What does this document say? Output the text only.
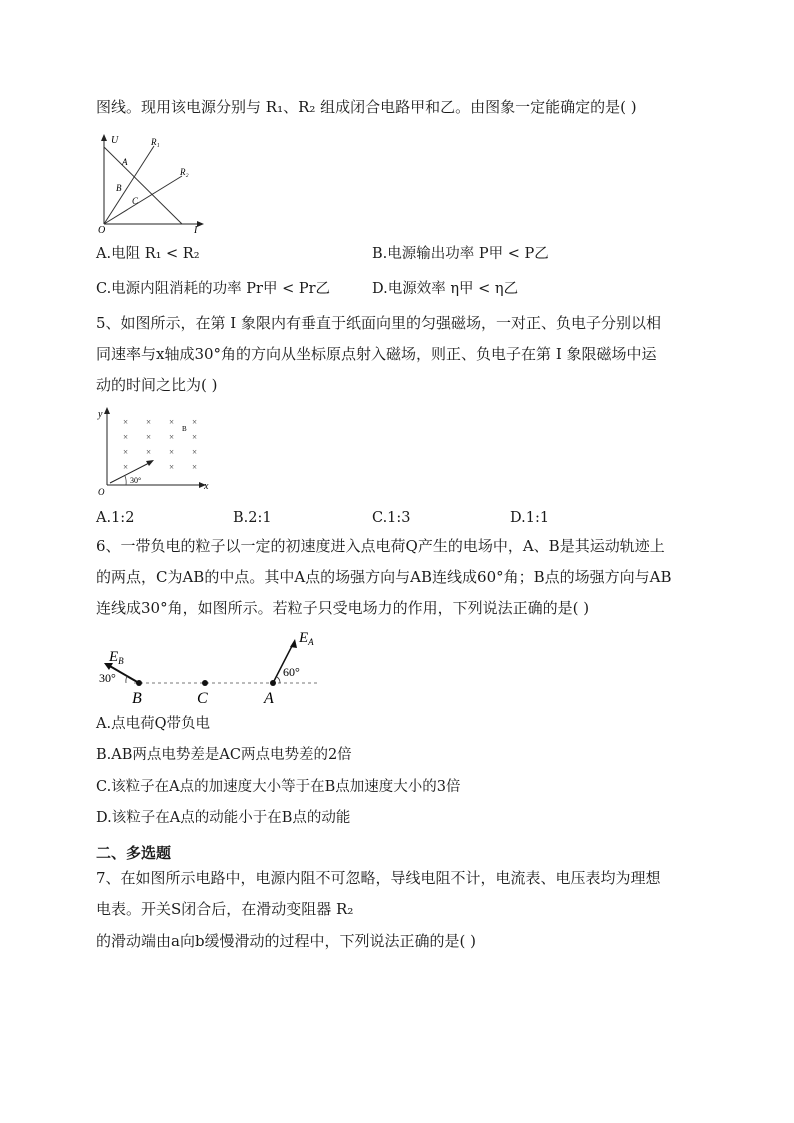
图线。现用该电源分别与 R₁、R₂ 组成闭合电路甲和乙。由图象一定能确定的是( )
U
I
O
R₁
R₂
A
B
C
A.电阻 R₁ < R₂	B.电源输出功率 P甲 < P乙
C.电源内阻消耗的功率 Pr甲 < Pr乙	D.电源效率 η甲 < η乙
5、如图所示，在第 I 象限内有垂直于纸面向里的匀强磁场，一对正、负电子分别以相
同速率与x轴成30°角的方向从坐标原点射入磁场，则正、负电子在第 I 象限磁场中运
动的时间之比为( )
y
x
O
B
× × × ×
× × × ×
× × × ×
×	× ×
30°
A.1:2	B.2:1	C.1:3	D.1:1
6、一带负电的粒子以一定的初速度进入点电荷Q产生的电场中，A、B是其运动轨迹上
的两点，C为AB的中点。其中A点的场强方向与AB连线成60°角；B点的场强方向与AB
连线成30°角，如图所示。若粒子只受电场力的作用，下列说法正确的是( )
$E_B$
$E_A$
30°	60°
B	C	A
A.点电荷Q带负电
B.AB两点电势差是AC两点电势差的2倍
C.该粒子在A点的加速度大小等于在B点加速度大小的3倍
D.该粒子在A点的动能小于在B点的动能
二、多选题
7、在如图所示电路中，电源内阻不可忽略，导线电阻不计，电流表、电压表均为理想
电表。开关S闭合后，在滑动变阻器 R₂
的滑动端由a向b缓慢滑动的过程中，下列说法正确的是( )
